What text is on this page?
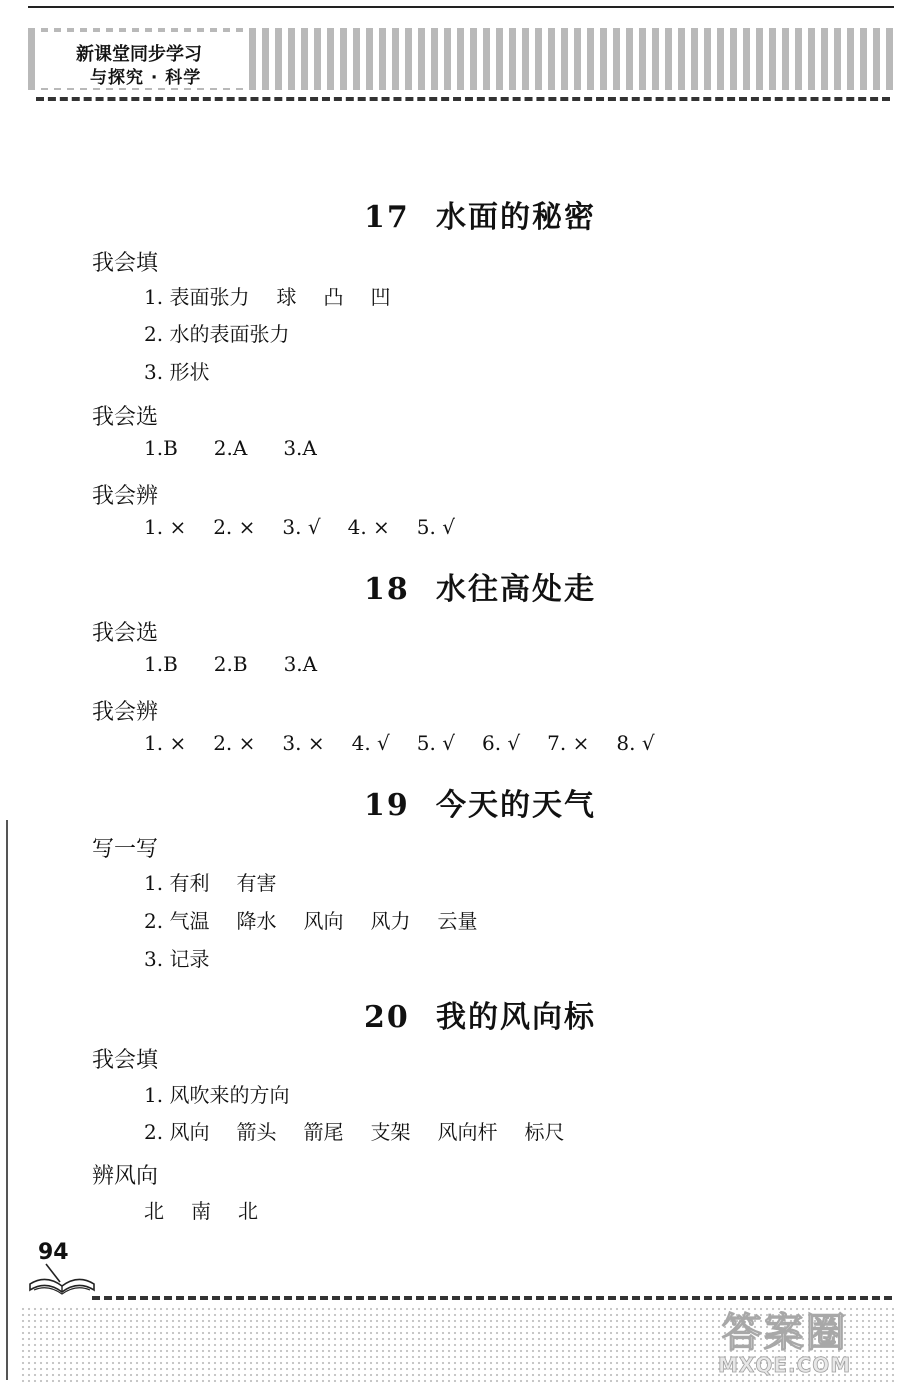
新课堂同步学习
与探究 · 科学
17 水面的秘密
我会填
1. 表面张力 球 凸 凹
2. 水的表面张力
3. 形状
我会选
1.B 2.A 3.A
我会辨
1. × 2. × 3. √ 4. × 5. √
18 水往高处走
我会选
1.B 2.B 3.A
我会辨
1. × 2. × 3. × 4. √ 5. √ 6. √ 7. × 8. √
19 今天的天气
写一写
1. 有利 有害
2. 气温 降水 风向 风力 云量
3. 记录
20 我的风向标
我会填
1. 风吹来的方向
2. 风向 箭头 箭尾 支架 风向杆 标尺
辨风向
北 南 北
94
答案圈
MXQE.COM
